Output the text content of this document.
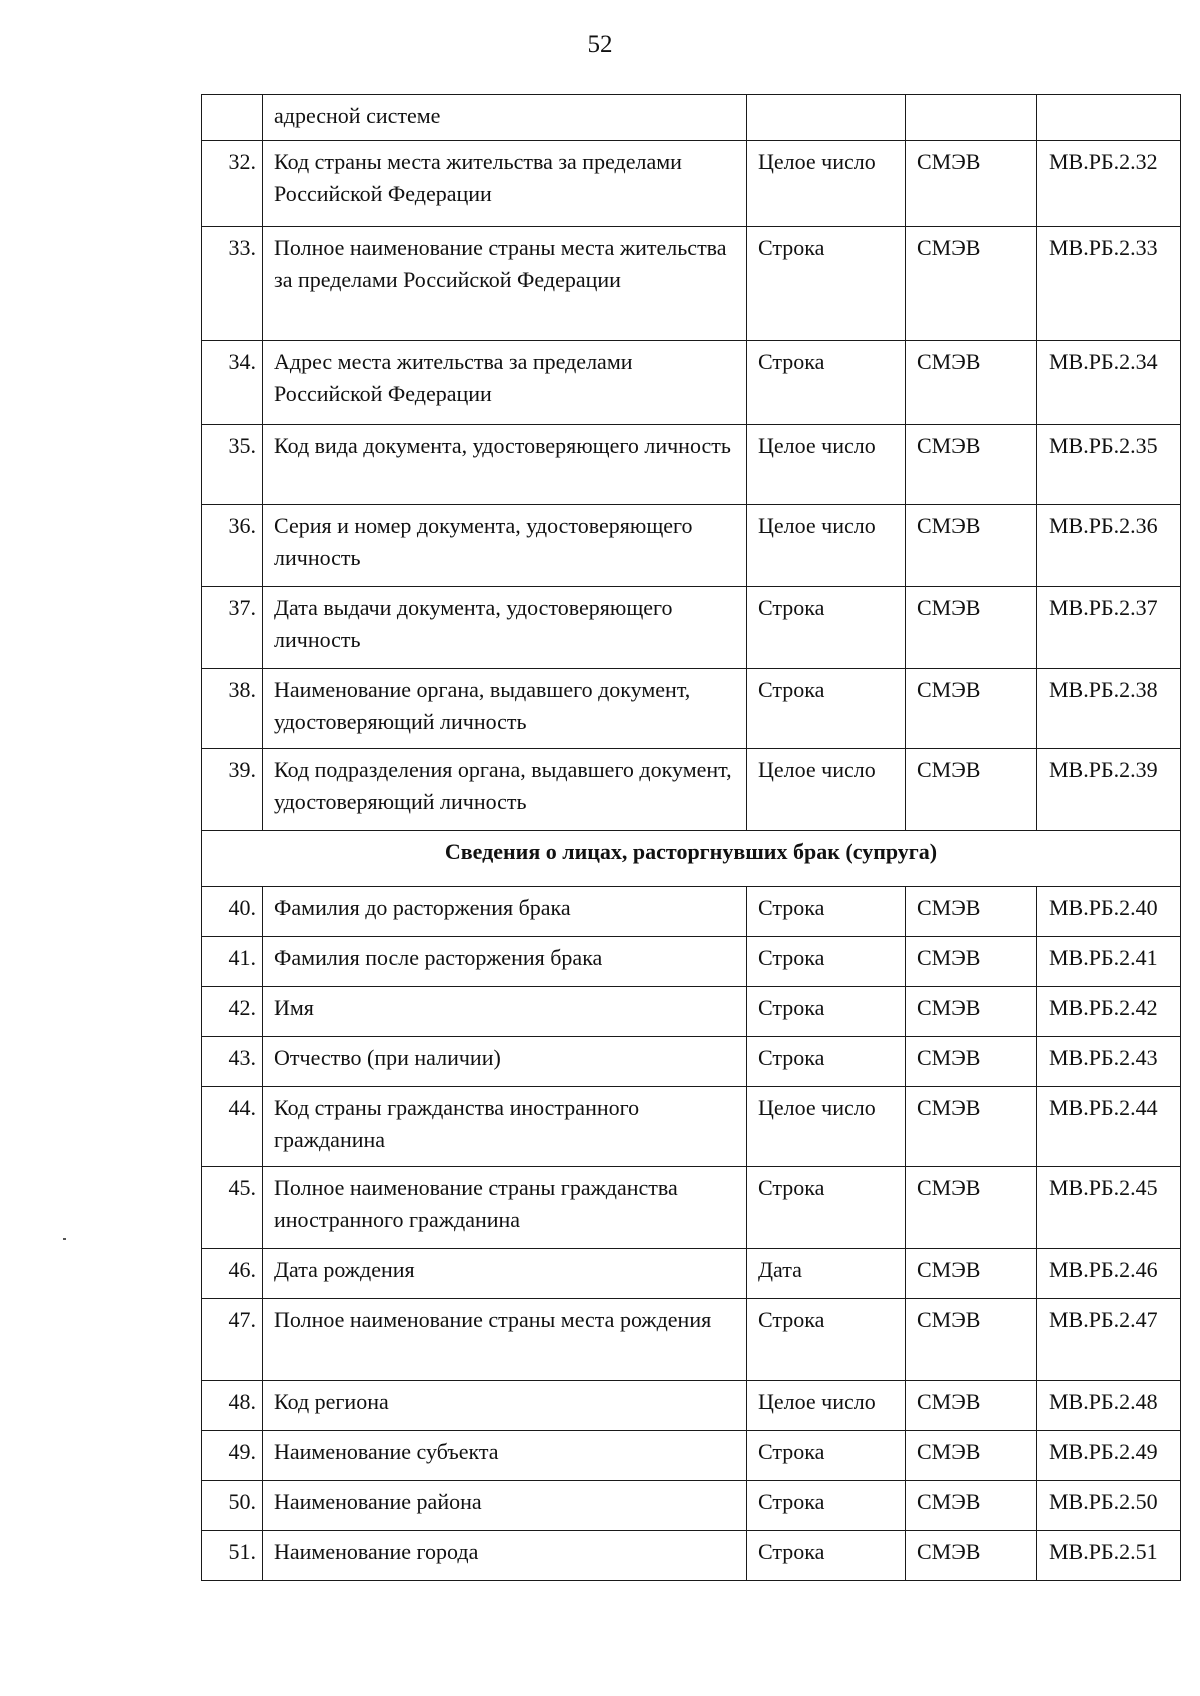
52
	адресной системе			
32.	Код страны места жительства за пределами Российской Федерации	Целое число	СМЭВ	МВ.РБ.2.32
33.	Полное наименование страны места жительства за пределами Российской Федерации	Строка	СМЭВ	МВ.РБ.2.33
34.	Адрес места жительства за пределами Российской Федерации	Строка	СМЭВ	МВ.РБ.2.34
35.	Код вида документа, удостоверяющего личность	Целое число	СМЭВ	МВ.РБ.2.35
36.	Серия и номер документа, удостоверяющего личность	Целое число	СМЭВ	МВ.РБ.2.36
37.	Дата выдачи документа, удостоверяющего личность	Строка	СМЭВ	МВ.РБ.2.37
38.	Наименование органа, выдавшего документ, удостоверяющий личность	Строка	СМЭВ	МВ.РБ.2.38
39.	Код подразделения органа, выдавшего документ, удостоверяющий личность	Целое число	СМЭВ	МВ.РБ.2.39
Сведения о лицах, расторгнувших брак (супруга)				
40.	Фамилия до расторжения брака	Строка	СМЭВ	МВ.РБ.2.40
41.	Фамилия после расторжения брака	Строка	СМЭВ	МВ.РБ.2.41
42.	Имя	Строка	СМЭВ	МВ.РБ.2.42
43.	Отчество (при наличии)	Строка	СМЭВ	МВ.РБ.2.43
44.	Код страны гражданства иностранного гражданина	Целое число	СМЭВ	МВ.РБ.2.44
45.	Полное наименование страны гражданства иностранного гражданина	Строка	СМЭВ	МВ.РБ.2.45
46.	Дата рождения	Дата	СМЭВ	МВ.РБ.2.46
47.	Полное наименование страны места рождения	Строка	СМЭВ	МВ.РБ.2.47
48.	Код региона	Целое число	СМЭВ	МВ.РБ.2.48
49.	Наименование субъекта	Строка	СМЭВ	МВ.РБ.2.49
50.	Наименование района	Строка	СМЭВ	МВ.РБ.2.50
51.	Наименование города	Строка	СМЭВ	МВ.РБ.2.51
